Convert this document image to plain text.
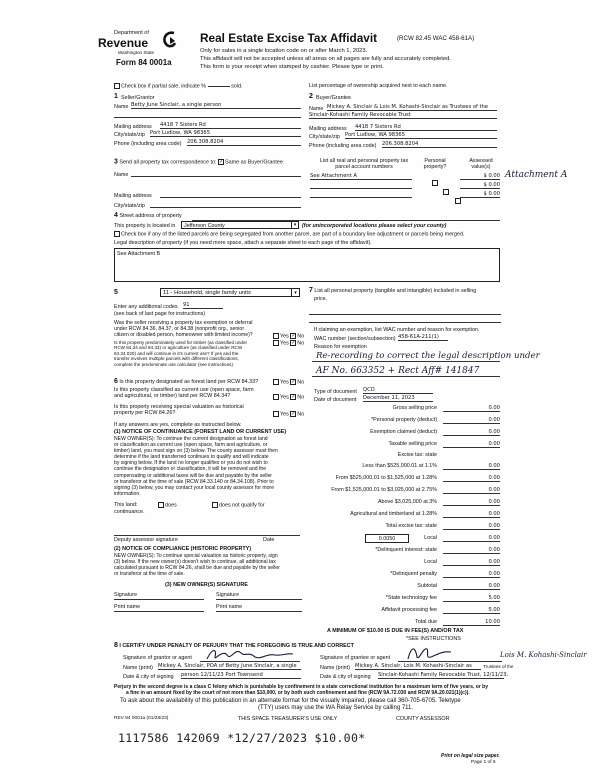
Department of
Revenue
Washington State
Form 84 0001a
Real Estate Excise Tax Affidavit	(RCW 82.45 WAC 458-61A)
Only for sales in a single location code on or after March 1, 2023.
This affidavit will not be accepted unless all areas on all pages are fully and accurately completed.
This form is your receipt when stamped by cashier. Please type or print.
Check box if partial sale, indicate %	sold.	List percentage of ownership acquired next to each name.
1 Seller/Grantor
Name Betty June Sinclair, a single person
Mailing address 4418 7 Sisters Rd
City/state/zip Port Ludlow, WA 98365
Phone (including area code) 206.308.8204
2 Buyer/Grantee
Name Mickey A. Sinclair & Lois M. Kohashi-Sinclair as Trustees of the
Sinclair-Kohashi Family Revocable Trust
Mailing address 4418 7 Sisters Rd
City/state/zip Port Ludlow, WA 98365
Phone (including area code) 206.308.8204
3 Send all property tax correspondence to: ✓ Same as Buyer/Grantee
Name
Mailing address
City/state/zip
List all real and personal property tax
parcel account numbers
Personal
property?
Assessed
value(s)
See Attachment A
	$ 0.00
$ 0.00
$ 0.00
Attachment A
4 Street address of property
This property is located in Jefferson County	▾	(for unincorporated locations please select your county)
Check box if any of the listed parcels are being segregated from another parcel, are part of a boundary line adjustment or parcels being merged.
Legal description of property (if you need more space, attach a separate sheet to each page of the affidavit).
See Attachment B
5	11 - Household, single family units	▾
Enter any additional codes 91
(see back of last page for instructions)
Was the seller receiving a property tax exemption or deferral
under RCW 84.36, 84.37, or 84.38 (nonprofit org., senior
citizen or disabled person, homeowner with limited income)?	Yes ✓ No
Is this property predominately used for timber (as classified under
RCW 84.34 and 84.33) or agriculture (as classified under RCW
84.34.020) and will continue in it's current use? If yes and the
transfer involves multiple parcels with different classifications,
complete the predominate use calculator (see instructions)
Yes ✓ No
6 Is this property designated as forest land per RCW 84.33?	Yes ✓ No
Is this property classified as current use (open space, farm
and agricultural, or timber) land per RCW 84.34?	Yes ✓ No
Is this property receiving special valuation as historical
property per RCW 84.26?	Yes ✓ No
If any answers are yes, complete as instructed below.
(1) NOTICE OF CONTINUANCE (FOREST LAND OR CURRENT USE)
NEW OWNER(S): To continue the current designation as forest land
or classification as current use (open space, farm and agriculture, or
timber) land, you must sign on (3) below. The county assessor must then
determine if the land transferred continues to qualify and will indicate
by signing below. If the land no longer qualifies or you do not wish to
continue the designation or classification, it will be removed and the
compensating or additional taxes will be due and payable by the seller
or transferor at the time of sale (RCW 84.33.140 or 84.34.108). Prior to
signing (3) below, you may contact your local county assessor for more
information.
This land:	does	does not qualify for
continuance.
Deputy assessor signature	Date
(2) NOTICE OF COMPLIANCE (HISTORIC PROPERTY)
NEW OWNER(S): To continue special valuation as historic property, sign
(3) below. If the new owner(s) doesn't wish to continue, all additional tax
calculated pursuant to RCW 84.26, shall be due and payable by the seller
or transferor at the time of sale.
(3) NEW OWNER(S) SIGNATURE
Signature	Signature
Print name	Print name
7 List all personal property (tangible and intangible) included in selling
price.
If claiming an exemption, list WAC number and reason for exemption.
WAC number (section/subsection) 458-61A-211(1)
Reason for exemption
Re-recording to correct the legal description under
AF No. 663352 + Rect Aff# 141847
Type of document QCD
Date of document December 11, 2023
Gross selling price	0.00
*Personal property (deduct)	0.00
Exemption claimed (deduct)	0.00
Taxable selling price	0.00
Excise tax: state
Less than $525,000.01 at 1.1%	0.00
From $525,000.01 to $1,525,000 at 1.28%	0.00
From $1,525,000.01 to $3,025,000 at 2.75%	0.00
Above $3,025,000 at 3%	0.00
Agricultural and timberland at 1.28%	0.00
Total excise tax: state	0.00
0.0050	Local	0.00
*Delinquent interest: state	0.00
Local	0.00
*Delinquent penalty	0.00
Subtotal	0.00
*State technology fee	5.00
Affidavit processing fee	5.00
Total due	10.00
A MINIMUM OF $10.00 IS DUE IN FEE(S) AND/OR TAX
*SEE INSTRUCTIONS
8 I CERTIFY UNDER PENALTY OF PERJURY THAT THE FOREGOING IS TRUE AND CORRECT
Signature of grantor or agent
Name (print) Mickey A. Sinclair, POA of Betty June Sinclair, a single
Date & city of signing person 12/11/23 Port Townsend
Signature of grantee or agent	Lois M. Kohashi-Sinclair
Name (print) Mickey A. Sinclair, Lois M. Kohashi-Sinclair as	Trustees of the
Date & city of signing Sinclair-Kohashi Family Revocable Trust, 12/11/23,
Perjury in the second degree is a class C felony which is punishable by confinement in a state correctional institution for a maximum term of five years, or by
a fine in an amount fixed by the court of not more than $10,000, or by both such confinement and fine (RCW 9A.72.030 and RCW 9A.20.021(1)(c)).
To ask about the availability of this publication in an alternate format for the visually impaired, please call 360-705-6705. Teletype
(TTY) users may use the WA Relay Service by calling 711.
REV 84 0001a (01/28/23)	THIS SPACE TREASURER'S USE ONLY	COUNTY ASSESSOR
1117586 142069 *12/27/2023 $10.00*
Print on legal size paper.
Page 1 of 6
